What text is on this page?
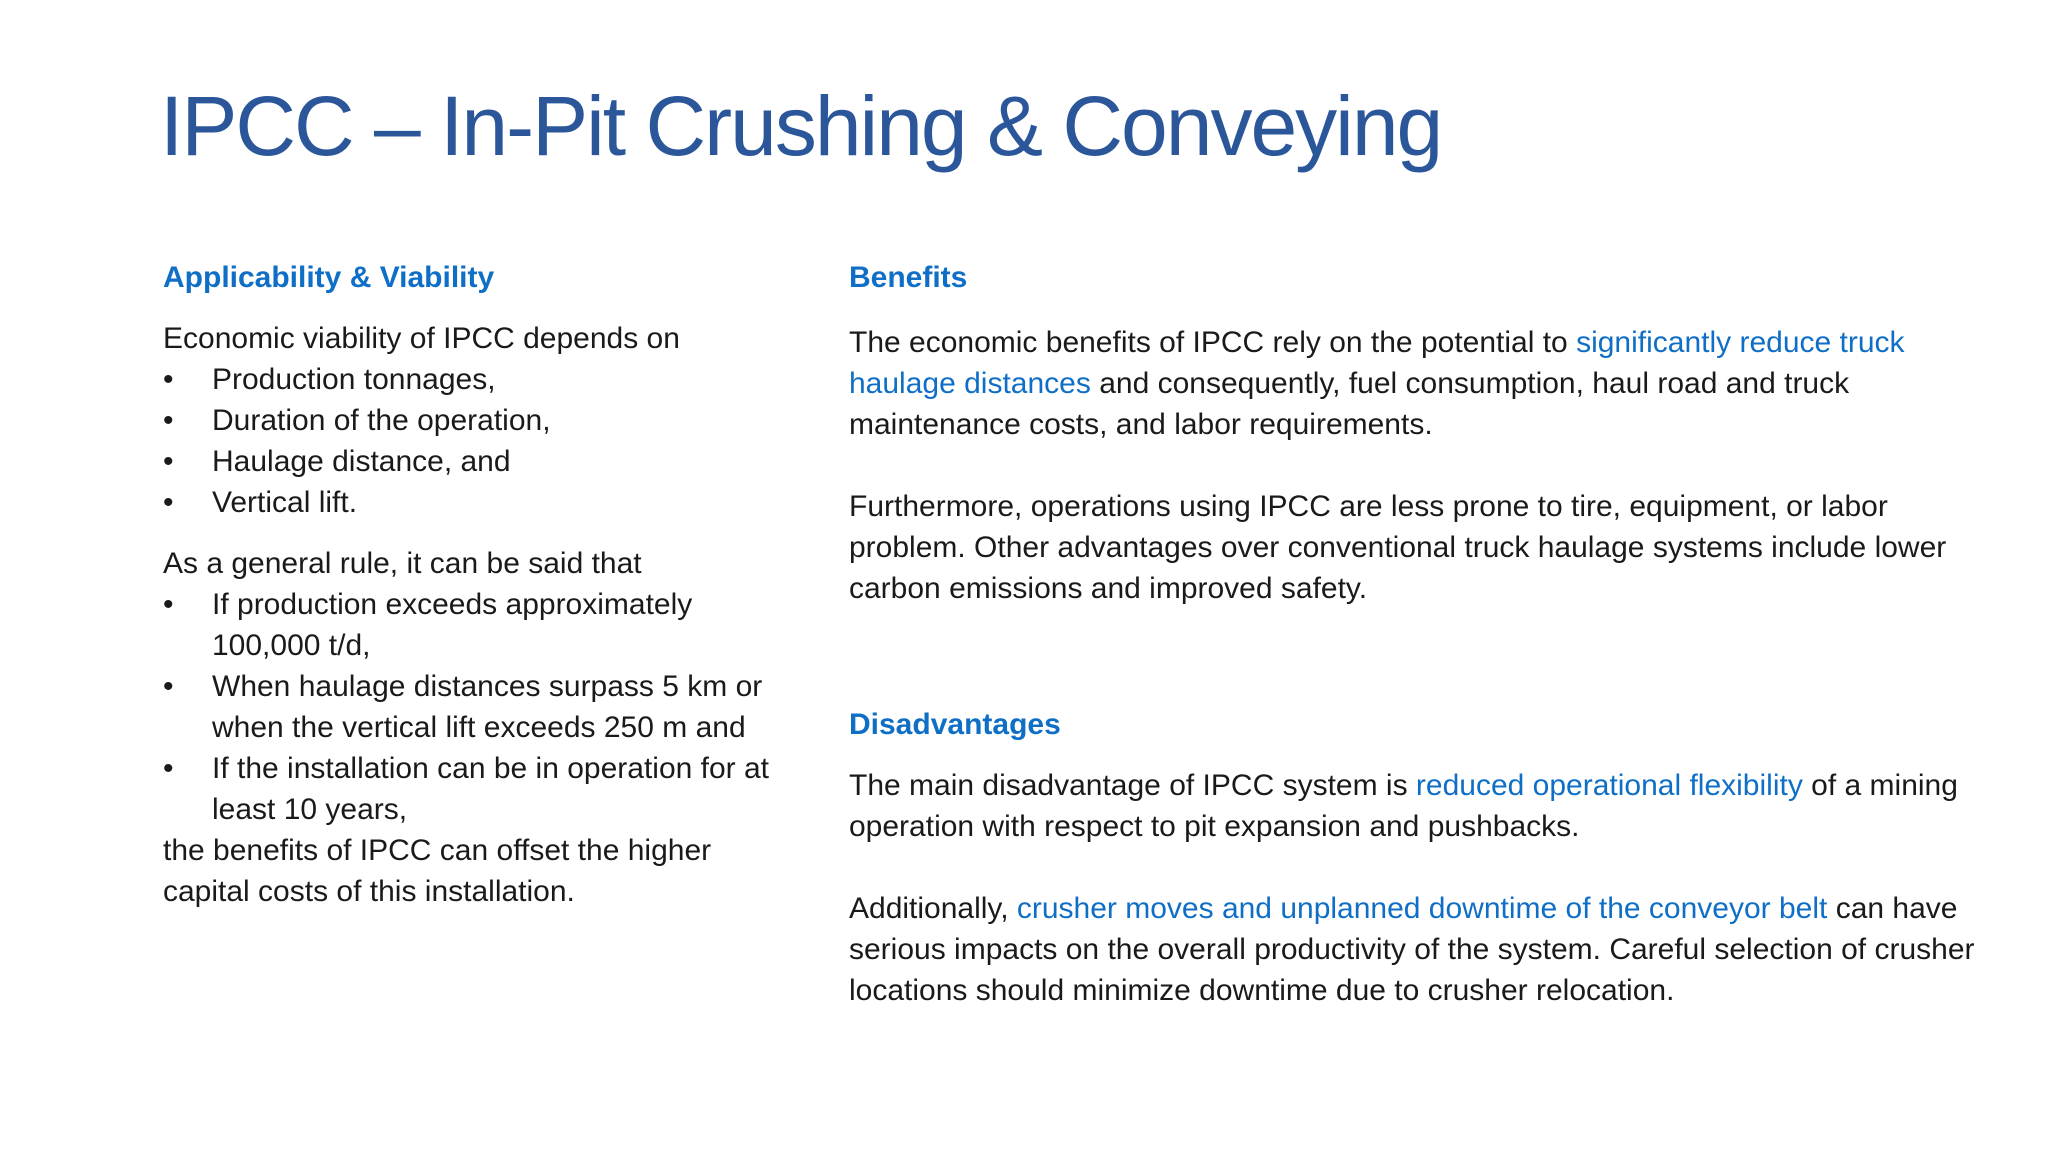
IPCC – In-Pit Crushing & Conveying

Applicability & Viability

Economic viability of IPCC depends on

•	Production tonnages,
•	Duration of the operation,
•	Haulage distance, and
•	Vertical lift.

As a general rule, it can be said that

•	If production exceeds approximately 100,000 t/d,
•	When haulage distances surpass 5 km or when the vertical lift exceeds 250 m and
•	If the installation can be in operation for at least 10 years,

the benefits of IPCC can offset the higher capital costs of this installation.

Benefits

The economic benefits of IPCC rely on the potential to significantly reduce truck haulage distances and consequently, fuel consumption, haul road and truck maintenance costs, and labor requirements.

Furthermore, operations using IPCC are less prone to tire, equipment, or labor problem. Other advantages over conventional truck haulage systems include lower carbon emissions and improved safety.

Disadvantages

The main disadvantage of IPCC system is reduced operational flexibility of a mining operation with respect to pit expansion and pushbacks.

Additionally, crusher moves and unplanned downtime of the conveyor belt can have serious impacts on the overall productivity of the system. Careful selection of crusher locations should minimize downtime due to crusher relocation.
